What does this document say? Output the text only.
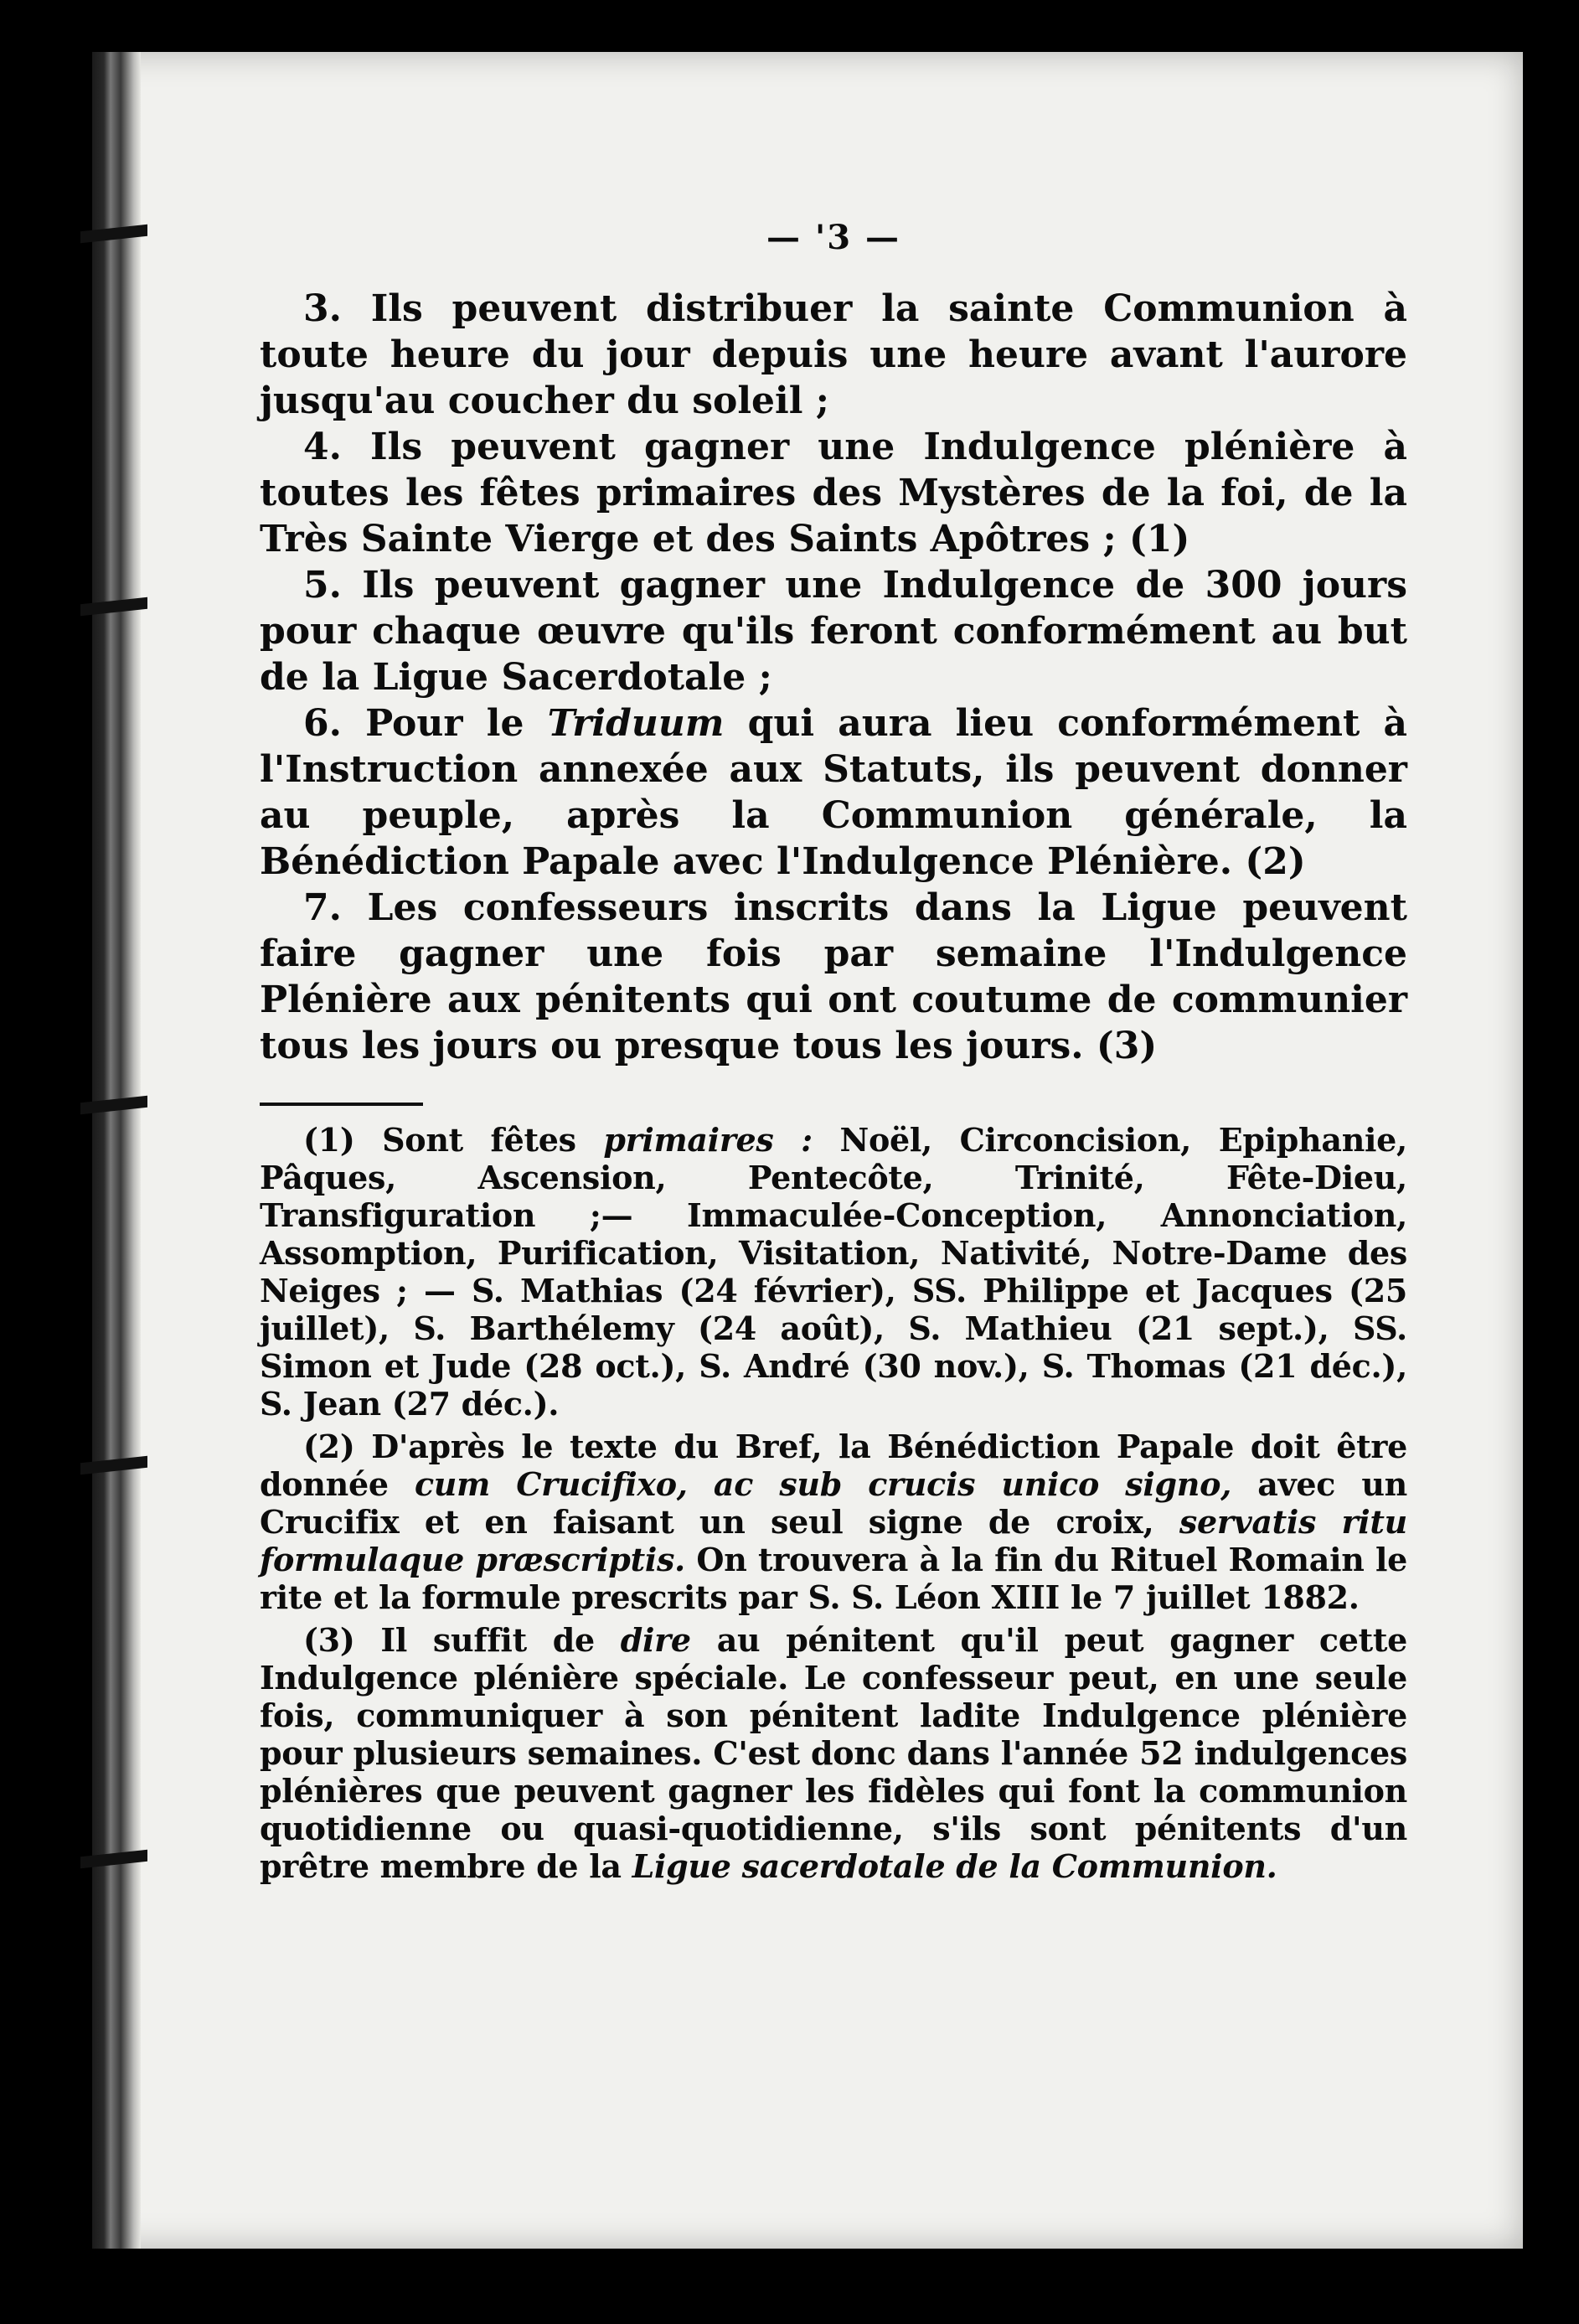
— '3 —

3. Ils peuvent distribuer la sainte Communion à toute heure du jour depuis une heure avant l'aurore jusqu'au coucher du soleil ;

4. Ils peuvent gagner une Indulgence plénière à toutes les fêtes primaires des Mystères de la foi, de la Très Sainte Vierge et des Saints Apôtres ; (1)

5. Ils peuvent gagner une Indulgence de 300 jours pour chaque œuvre qu'ils feront conformément au but de la Ligue Sacerdotale ;

6. Pour le Triduum qui aura lieu conformément à l'Instruction annexée aux Statuts, ils peuvent donner au peuple, après la Communion générale, la Bénédiction Papale avec l'Indulgence Plénière. (2)

7. Les confesseurs inscrits dans la Ligue peuvent faire gagner une fois par semaine l'Indulgence Plénière aux pénitents qui ont coutume de communier tous les jours ou presque tous les jours. (3)

(1) Sont fêtes primaires : Noël, Circoncision, Epiphanie, Pâques, Ascension, Pentecôte, Trinité, Fête-Dieu, Transfiguration ;— Immaculée-Conception, Annonciation, Assomption, Purification, Visitation, Nativité, Notre-Dame des Neiges ; — S. Mathias (24 février), SS. Philippe et Jacques (25 juillet), S. Barthélemy (24 août), S. Mathieu (21 sept.), SS. Simon et Jude (28 oct.), S. André (30 nov.), S. Thomas (21 déc.), S. Jean (27 déc.).

(2) D'après le texte du Bref, la Bénédiction Papale doit être donnée cum Crucifixo, ac sub crucis unico signo, avec un Crucifix et en faisant un seul signe de croix, servatis ritu formulaque præscriptis. On trouvera à la fin du Rituel Romain le rite et la formule prescrits par S. S. Léon XIII le 7 juillet 1882.

(3) Il suffit de dire au pénitent qu'il peut gagner cette Indulgence plénière spéciale. Le confesseur peut, en une seule fois, communiquer à son pénitent ladite Indulgence plénière pour plusieurs semaines. C'est donc dans l'année 52 indulgences plénières que peuvent gagner les fidèles qui font la communion quotidienne ou quasi-quotidienne, s'ils sont pénitents d'un prêtre membre de la Ligue sacerdotale de la Communion.
